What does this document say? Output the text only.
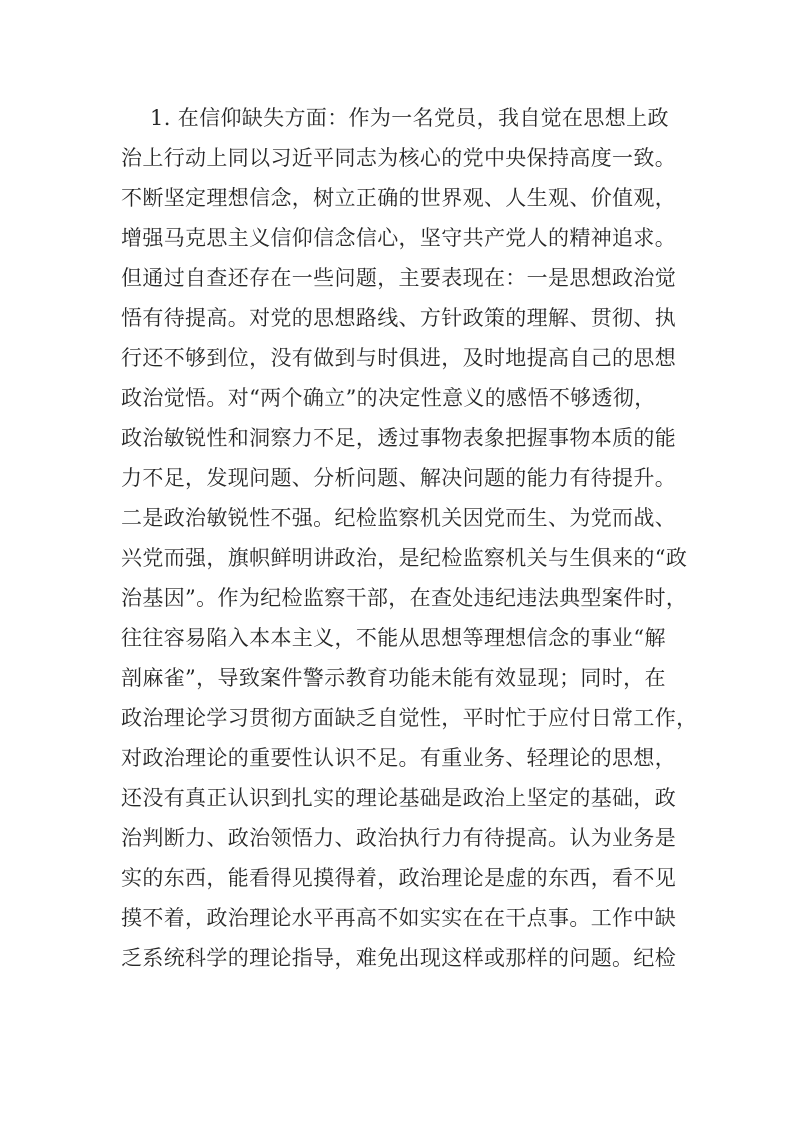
1. 在信仰缺失方面：作为一名党员，我自觉在思想上政
治上行动上同以习近平同志为核心的党中央保持高度一致。
不断坚定理想信念，树立正确的世界观、人生观、价值观，
增强马克思主义信仰信念信心，坚守共产党人的精神追求。
但通过自查还存在一些问题，主要表现在：一是思想政治觉
悟有待提高。对党的思想路线、方针政策的理解、贯彻、执
行还不够到位，没有做到与时俱进，及时地提高自己的思想
政治觉悟。对“两个确立”的决定性意义的感悟不够透彻，
政治敏锐性和洞察力不足，透过事物表象把握事物本质的能
力不足，发现问题、分析问题、解决问题的能力有待提升。
二是政治敏锐性不强。纪检监察机关因党而生、为党而战、
兴党而强，旗帜鲜明讲政治，是纪检监察机关与生俱来的“政
治基因”。作为纪检监察干部，在查处违纪违法典型案件时，
往往容易陷入本本主义，不能从思想等理想信念的事业“解
剖麻雀”，导致案件警示教育功能未能有效显现；同时，在
政治理论学习贯彻方面缺乏自觉性，平时忙于应付日常工作，
对政治理论的重要性认识不足。有重业务、轻理论的思想，
还没有真正认识到扎实的理论基础是政治上坚定的基础，政
治判断力、政治领悟力、政治执行力有待提高。认为业务是
实的东西，能看得见摸得着，政治理论是虚的东西，看不见
摸不着，政治理论水平再高不如实实在在干点事。工作中缺
乏系统科学的理论指导，难免出现这样或那样的问题。纪检
